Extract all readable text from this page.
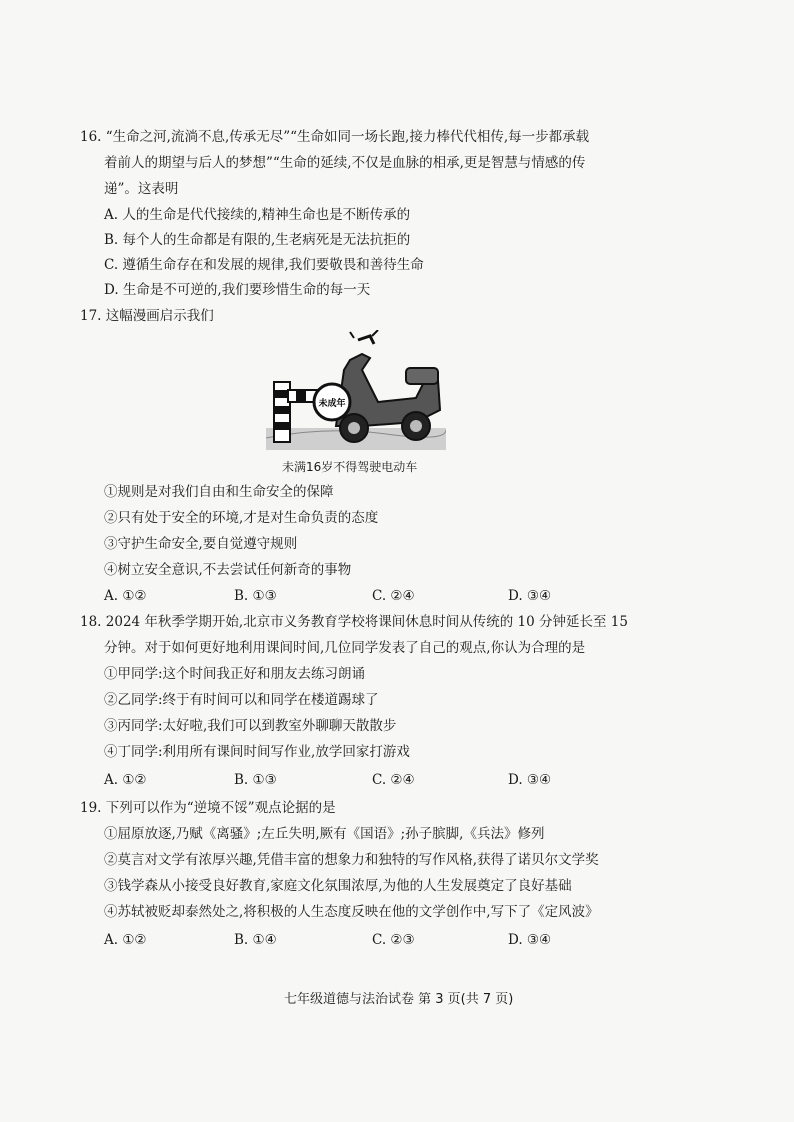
16. “生命之河,流淌不息,传承无尽”“生命如同一场长跑,接力棒代代相传,每一步都承载
着前人的期望与后人的梦想”“生命的延续,不仅是血脉的相承,更是智慧与情感的传
递”。这表明
A. 人的生命是代代接续的,精神生命也是不断传承的
B. 每个人的生命都是有限的,生老病死是无法抗拒的
C. 遵循生命存在和发展的规律,我们要敬畏和善待生命
D. 生命是不可逆的,我们要珍惜生命的每一天
17. 这幅漫画启示我们
未成年
未满16岁不得驾驶电动车
①规则是对我们自由和生命安全的保障
②只有处于安全的环境,才是对生命负责的态度
③守护生命安全,要自觉遵守规则
④树立安全意识,不去尝试任何新奇的事物
A. ①②	B. ①③	C. ②④	D. ③④
18. 2024 年秋季学期开始,北京市义务教育学校将课间休息时间从传统的 10 分钟延长至 15
分钟。对于如何更好地利用课间时间,几位同学发表了自己的观点,你认为合理的是
①甲同学:这个时间我正好和朋友去练习朗诵
②乙同学:终于有时间可以和同学在楼道踢球了
③丙同学:太好啦,我们可以到教室外聊聊天散散步
④丁同学:利用所有课间时间写作业,放学回家打游戏
A. ①②	B. ①③	C. ②④	D. ③④
19. 下列可以作为“逆境不馁”观点论据的是
①屈原放逐,乃赋《离骚》;左丘失明,厥有《国语》;孙子膑脚,《兵法》修列
②莫言对文学有浓厚兴趣,凭借丰富的想象力和独特的写作风格,获得了诺贝尔文学奖
③钱学森从小接受良好教育,家庭文化氛围浓厚,为他的人生发展奠定了良好基础
④苏轼被贬却泰然处之,将积极的人生态度反映在他的文学创作中,写下了《定风波》
A. ①②	B. ①④	C. ②③	D. ③④
七年级道德与法治试卷 第 3 页(共 7 页)
